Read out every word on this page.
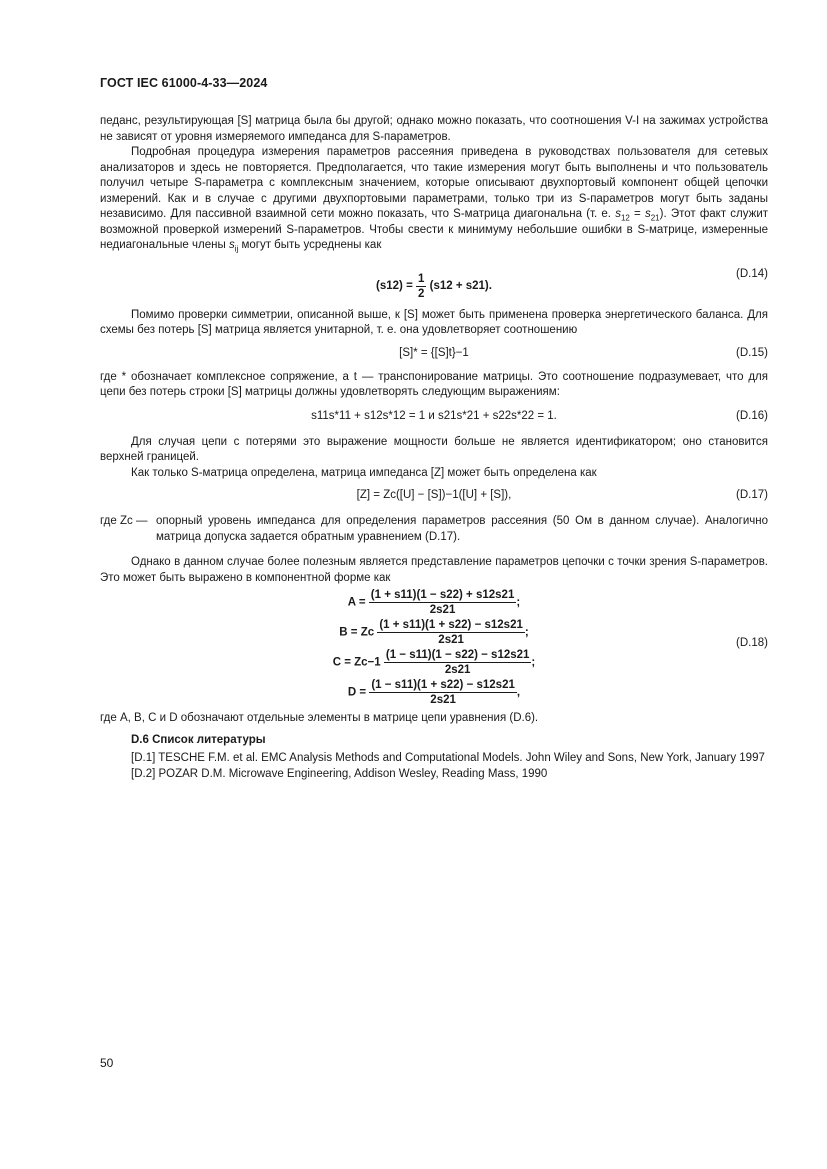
ГОСТ IEC 61000-4-33—2024

педанс, результирующая [S] матрица была бы другой; однако можно показать, что соотношения V-I на зажимах устройства не зависят от уровня измеряемого импеданса для S-параметров.

Подробная процедура измерения параметров рассеяния приведена в руководствах пользователя для сетевых анализаторов и здесь не повторяется. Предполагается, что такие измерения могут быть выполнены и что пользователь получил четыре S-параметра с комплексным значением, которые описывают двухпортовый компонент общей цепочки измерений. Как и в случае с другими двухпортовыми параметрами, только три из S-параметров могут быть заданы независимо. Для пассивной взаимной сети можно показать, что S-матрица диагональна (т. е. $s_{12} = s_{21}$). Этот факт служит возможной проверкой измерений S-параметров. Чтобы свести к минимуму небольшие ошибки в S-матрице, измеренные недиагональные члены $s_{ij}$ могут быть усреднены как

$(s12) = \frac{1}{2} (s12 + s21)$.
(D.14)

Помимо проверки симметрии, описанной выше, к [S] может быть применена проверка энергетического баланса. Для схемы без потерь [S] матрица является унитарной, т. е. она удовлетворяет соотношению

[S]* = {[S]t}−1	(D.15)

где * обозначает комплексное сопряжение, а t — транспонирование матрицы. Это соотношение подразумевает, что для цепи без потерь строки [S] матрицы должны удовлетворять следующим выражениям:

s11s*11 + s12s*12 = 1 и s21s*21 + s22s*22 = 1.	(D.16)

Для случая цепи с потерями это выражение мощности больше не является идентификатором; оно становится верхней границей.

Как только S-матрица определена, матрица импеданса [Z] может быть определена как

[Z] = Zc([U] − [S])−1([U] + [S]),	(D.17)

где Zc — опорный уровень импеданса для определения параметров рассеяния (50 Ом в данном случае). Аналогично матрица допуска задается обратным уравнением (D.17).

Однако в данном случае более полезным является представление параметров цепочки с точки зрения S-параметров. Это может быть выражено в компонентной форме как

$A = \frac{(1 + s11)(1 - s22) + s12s21}{2s21}$ ;
B = Zc $\frac{(1 + s11)(1 + s22) - s12s21}{2s21}$ ;
$C = Zc-1 \frac{(1 - s11)(1 - s22) - s12s21}{2s21}$ ;
$D = \frac{(1 - s11)(1 + s22) - s12s21}{2s21}$ ,
(D.18)

где A, B, C и D обозначают отдельные элементы в матрице цепи уравнения (D.6).

D.6 Список литературы

[D.1] TESCHE F.M. et al. EMC Analysis Methods and Computational Models. John Wiley and Sons, New York, January 1997

[D.2] POZAR D.M. Microwave Engineering, Addison Wesley, Reading Mass, 1990

50
